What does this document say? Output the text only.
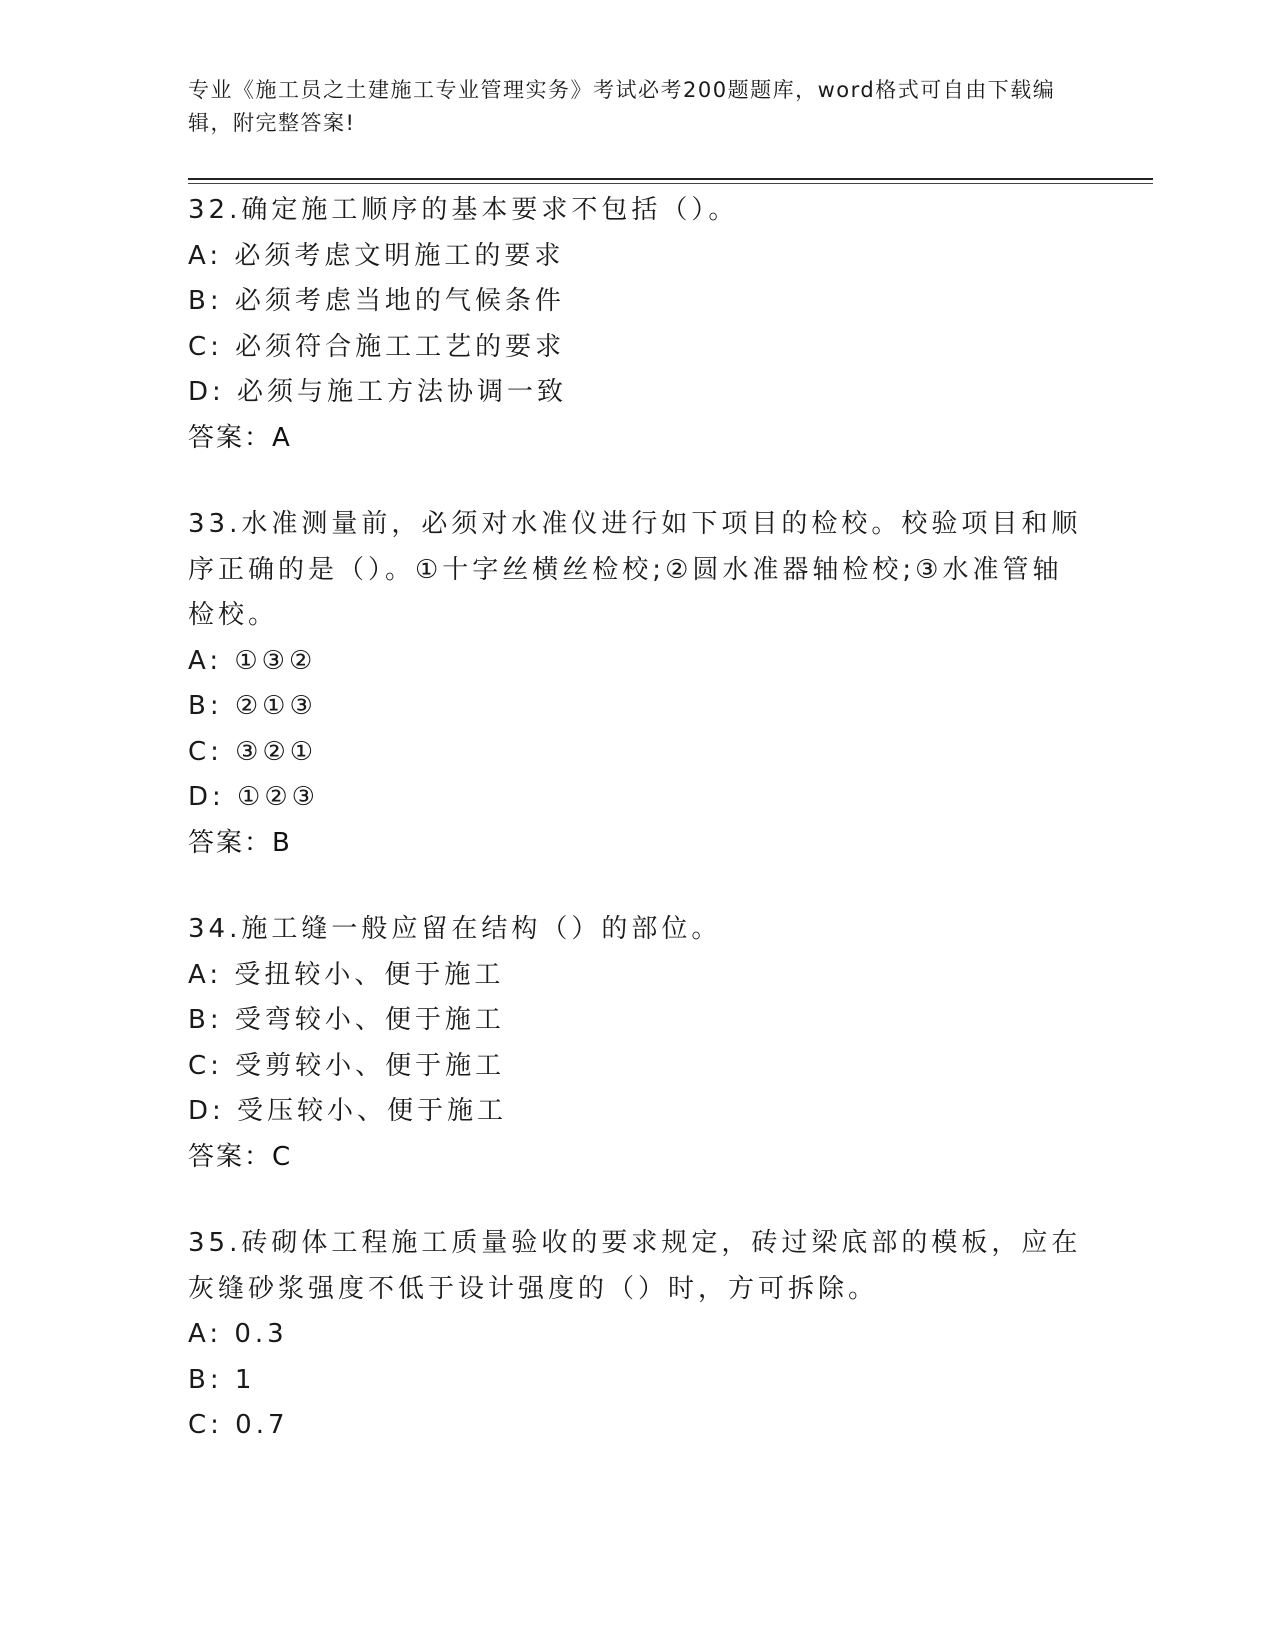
专业《施工员之土建施工专业管理实务》考试必考200题题库，word格式可自由下载编辑，附完整答案!
32.确定施工顺序的基本要求不包括（）。
A: 必须考虑文明施工的要求
B: 必须考虑当地的气候条件
C: 必须符合施工工艺的要求
D: 必须与施工方法协调一致
答案：A
33.水准测量前，必须对水准仪进行如下项目的检校。校验项目和顺序正确的是（）。①十字丝横丝检校;②圆水准器轴检校;③水准管轴检校。
A: ①③②
B: ②①③
C: ③②①
D: ①②③
答案：B
34.施工缝一般应留在结构（）的部位。
A: 受扭较小、便于施工
B: 受弯较小、便于施工
C: 受剪较小、便于施工
D: 受压较小、便于施工
答案：C
35.砖砌体工程施工质量验收的要求规定，砖过梁底部的模板，应在灰缝砂浆强度不低于设计强度的（）时，方可拆除。
A: 0.3
B: 1
C: 0.7
